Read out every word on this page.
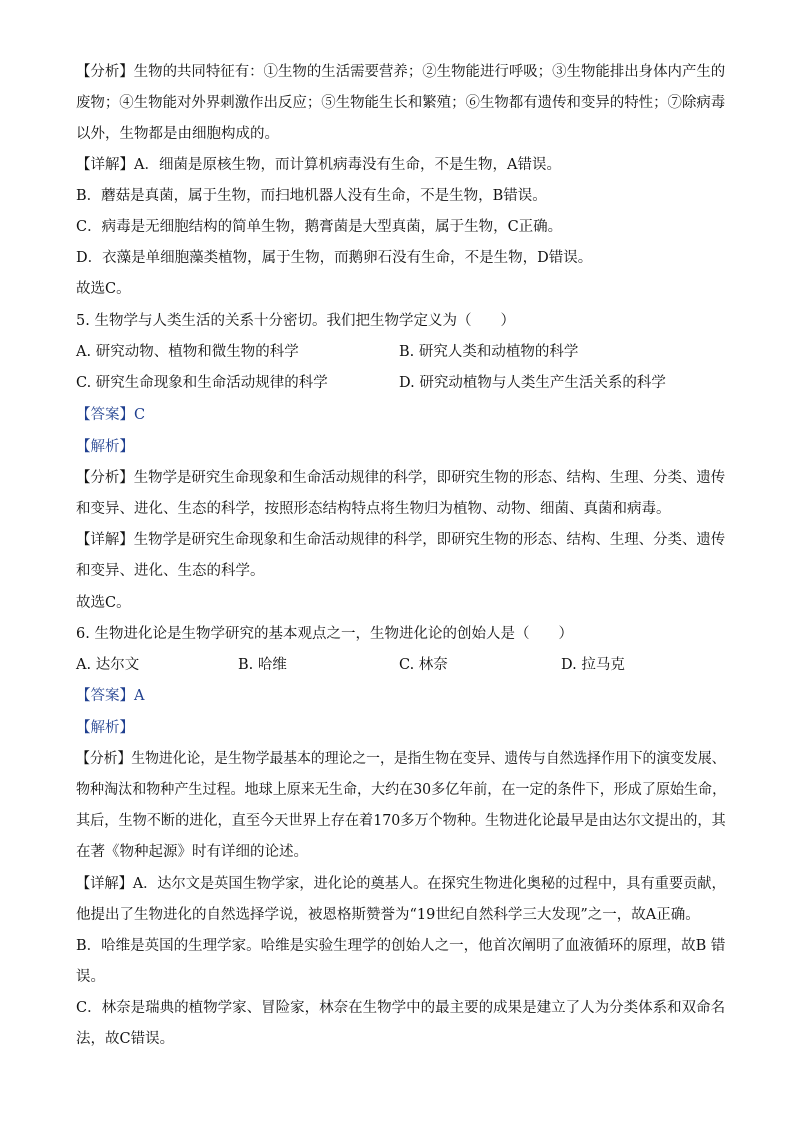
【分析】生物的共同特征有：①生物的生活需要营养；②生物能进行呼吸；③生物能排出身体内产生的
废物；④生物能对外界刺激作出反应；⑤生物能生长和繁殖；⑥生物都有遗传和变异的特性；⑦除病毒
以外，生物都是由细胞构成的。
【详解】A．细菌是原核生物，而计算机病毒没有生命，不是生物，A错误。
B．蘑菇是真菌，属于生物，而扫地机器人没有生命，不是生物，B错误。
C．病毒是无细胞结构的简单生物，鹅膏菌是大型真菌，属于生物，C正确。
D．衣藻是单细胞藻类植物，属于生物，而鹅卵石没有生命，不是生物，D错误。
故选C。
5. 生物学与人类生活的关系十分密切。我们把生物学定义为（　　）
A. 研究动物、植物和微生物的科学	B. 研究人类和动植物的科学
C. 研究生命现象和生命活动规律的科学	D. 研究动植物与人类生产生活关系的科学
【答案】C
【解析】
【分析】生物学是研究生命现象和生命活动规律的科学，即研究生物的形态、结构、生理、分类、遗传
和变异、进化、生态的科学，按照形态结构特点将生物归为植物、动物、细菌、真菌和病毒。
【详解】生物学是研究生命现象和生命活动规律的科学，即研究生物的形态、结构、生理、分类、遗传
和变异、进化、生态的科学。
故选C。
6. 生物进化论是生物学研究的基本观点之一，生物进化论的创始人是（　　）
A. 达尔文	B. 哈维	C. 林奈	D. 拉马克
【答案】A
【解析】
【分析】生物进化论，是生物学最基本的理论之一，是指生物在变异、遗传与自然选择作用下的演变发展、
物种淘汰和物种产生过程。地球上原来无生命，大约在30多亿年前，在一定的条件下，形成了原始生命，
其后，生物不断的进化，直至今天世界上存在着170多万个物种。生物进化论最早是由达尔文提出的，其
在著《物种起源》时有详细的论述。
【详解】A．达尔文是英国生物学家，进化论的奠基人。在探究生物进化奥秘的过程中，具有重要贡献，
他提出了生物进化的自然选择学说，被恩格斯赞誉为“19世纪自然科学三大发现”之一，故A正确。
B．哈维是英国的生理学家。哈维是实验生理学的创始人之一，他首次阐明了血液循环的原理，故B 错
误。
C．林奈是瑞典的植物学家、冒险家，林奈在生物学中的最主要的成果是建立了人为分类体系和双命名
法，故C错误。
